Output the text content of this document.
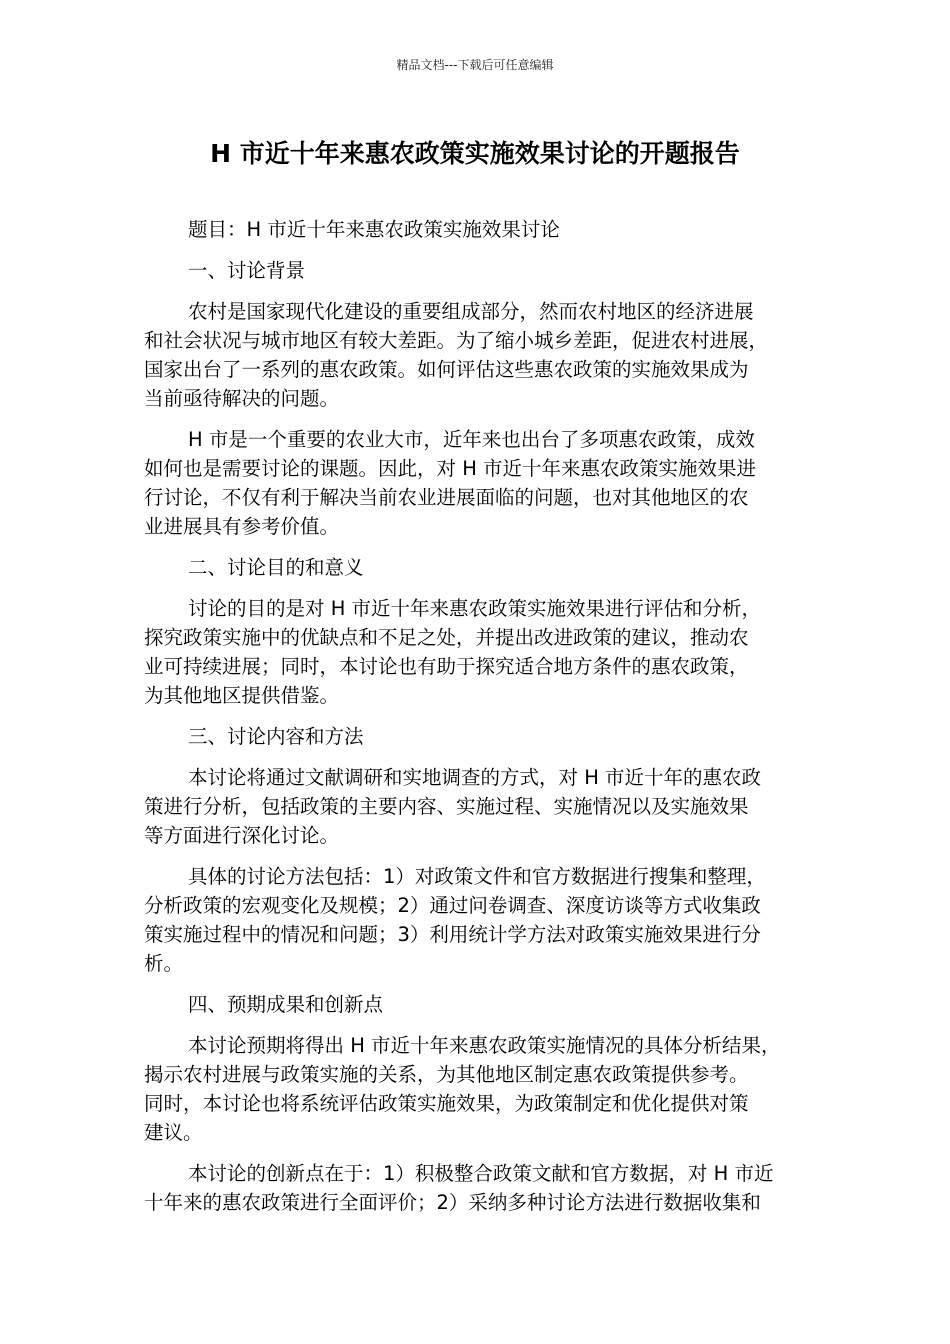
精品文档---下载后可任意编辑
H 市近十年来惠农政策实施效果讨论的开题报告

题目：H 市近十年来惠农政策实施效果讨论

一、讨论背景

农村是国家现代化建设的重要组成部分，然而农村地区的经济进展

和社会状况与城市地区有较大差距。为了缩小城乡差距，促进农村进展，

国家出台了一系列的惠农政策。如何评估这些惠农政策的实施效果成为

当前亟待解决的问题。

H 市是一个重要的农业大市，近年来也出台了多项惠农政策，成效

如何也是需要讨论的课题。因此，对 H 市近十年来惠农政策实施效果进

行讨论，不仅有利于解决当前农业进展面临的问题，也对其他地区的农

业进展具有参考价值。

二、讨论目的和意义

讨论的目的是对 H 市近十年来惠农政策实施效果进行评估和分析，

探究政策实施中的优缺点和不足之处，并提出改进政策的建议，推动农

业可持续进展；同时，本讨论也有助于探究适合地方条件的惠农政策，

为其他地区提供借鉴。

三、讨论内容和方法

本讨论将通过文献调研和实地调查的方式，对 H 市近十年的惠农政

策进行分析，包括政策的主要内容、实施过程、实施情况以及实施效果

等方面进行深化讨论。

具体的讨论方法包括：1）对政策文件和官方数据进行搜集和整理，

分析政策的宏观变化及规模；2）通过问卷调查、深度访谈等方式收集政

策实施过程中的情况和问题；3）利用统计学方法对政策实施效果进行分

析。

四、预期成果和创新点

本讨论预期将得出 H 市近十年来惠农政策实施情况的具体分析结果，

揭示农村进展与政策实施的关系，为其他地区制定惠农政策提供参考。

同时，本讨论也将系统评估政策实施效果，为政策制定和优化提供对策

建议。

本讨论的创新点在于：1）积极整合政策文献和官方数据，对 H 市近

十年来的惠农政策进行全面评价；2）采纳多种讨论方法进行数据收集和
